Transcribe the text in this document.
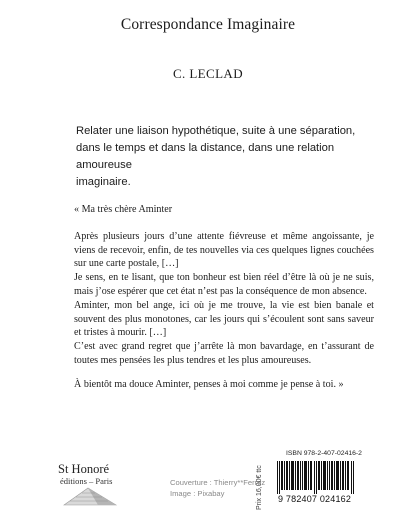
Correspondance Imaginaire
C. LECLAD

Relater une liaison hypothétique, suite à une séparation,

dans le temps et dans la distance, dans une relation amoureuse

imaginaire.

« Ma très chère Aminter

Après plusieurs jours d’une attente fiévreuse et même angoissante, je viens de recevoir, enfin, de tes nouvelles via ces quelques lignes couchées sur une carte postale, […]

Je sens, en te lisant, que ton bonheur est bien réel d’être là où je ne suis, mais j’ose espérer que cet état n’est pas la conséquence de mon absence.

Aminter, mon bel ange, ici où je me trouve, la vie est bien banale et souvent des plus monotones, car les jours qui s’écoulent sont sans saveur et tristes à mourir. […]

C’est avec grand regret que j’arrête là mon bavardage, en t’assurant de toutes mes pensées les plus tendres et les plus amoureuses.

À bientôt ma douce Aminter, penses à moi comme je pense à toi. »

St Honoré
éditions – Paris	Couverture : Thierry**Ferrez

Image : Pixabay	Prix 16,00€ ttc
ISBN 978-2-407-02416-2
9 782407 024162
